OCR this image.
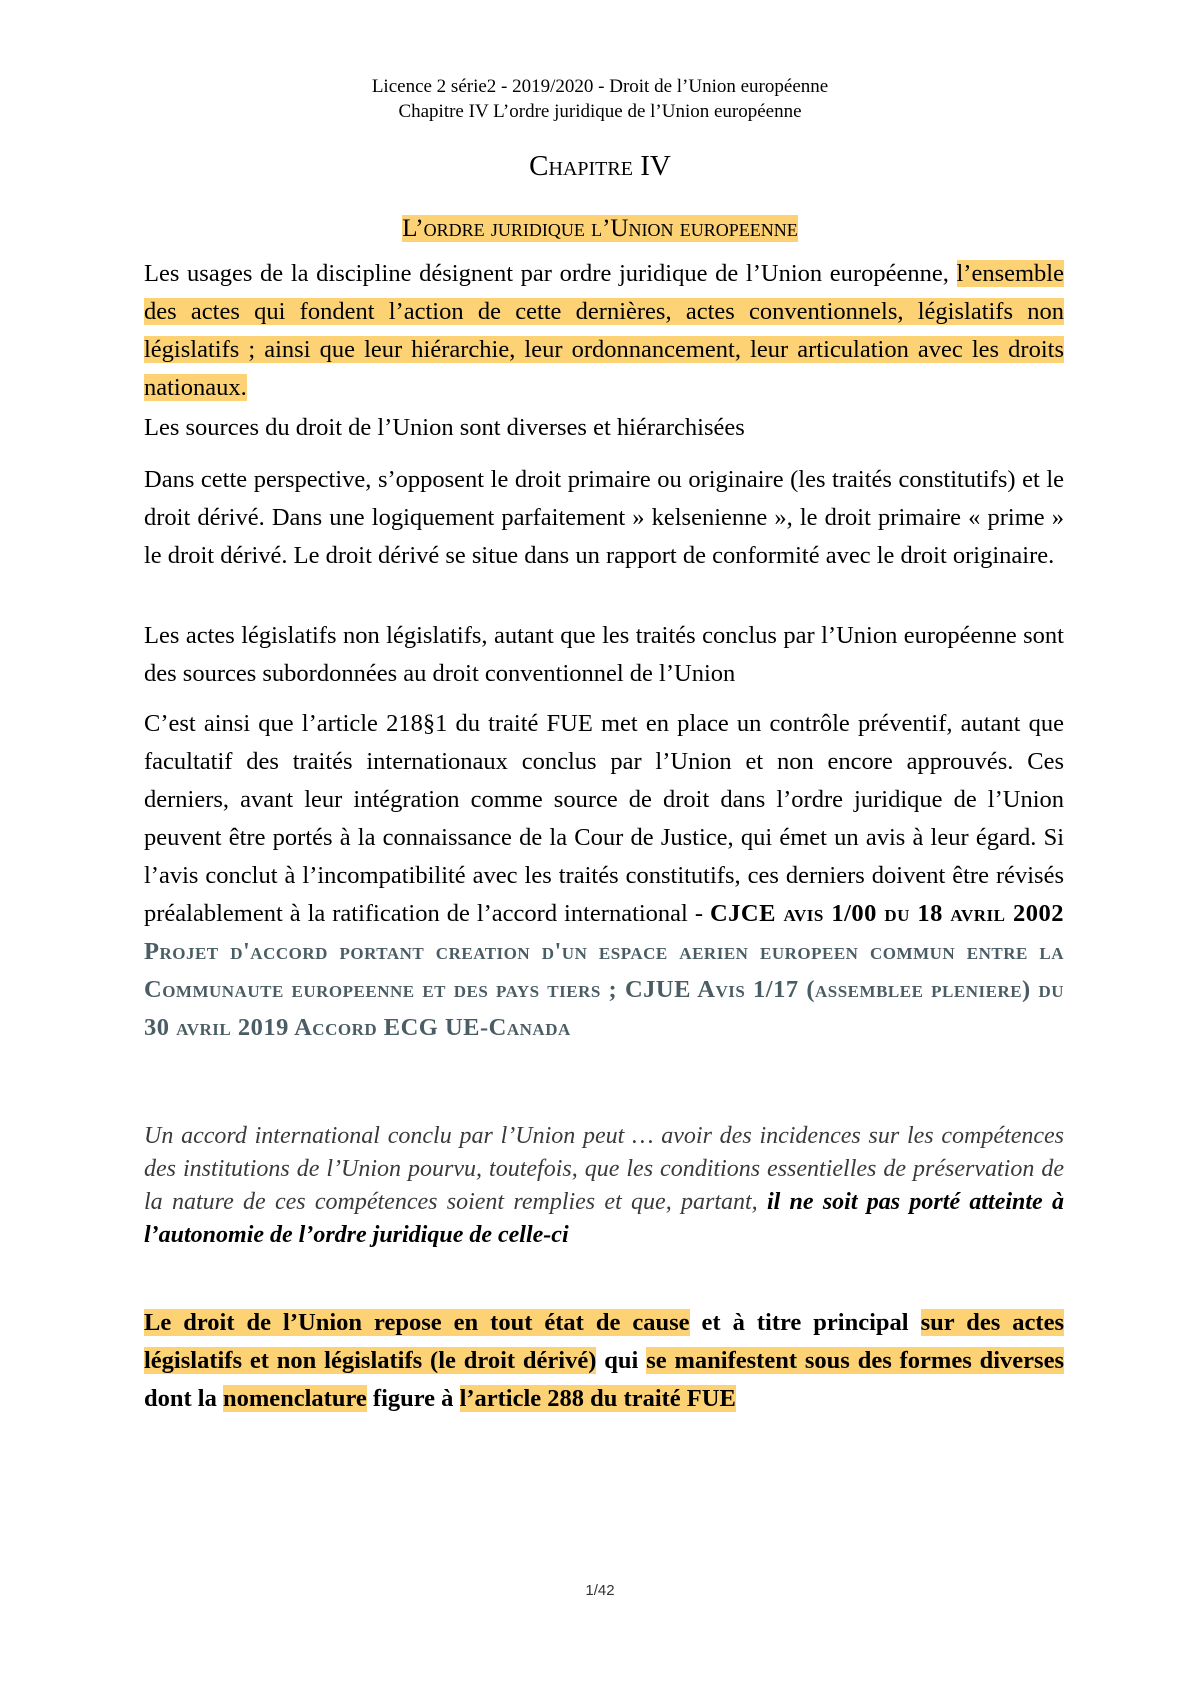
Licence 2 série2 - 2019/2020 - Droit de l’Union européenne
Chapitre IV L’ordre juridique de l’Union européenne
Chapitre IV
L’ordre juridique l’Union europeenne

Les usages de la discipline désignent par ordre juridique de l’Union européenne, l’ensemble des actes qui fondent l’action de cette dernières, actes conventionnels, législatifs non législatifs ; ainsi que leur hiérarchie, leur ordonnancement, leur articulation avec les droits nationaux.

Les sources du droit de l’Union sont diverses et hiérarchisées

Dans cette perspective, s’opposent le droit primaire ou originaire (les traités constitutifs) et le droit dérivé. Dans une logiquement parfaitement » kelsenienne », le droit primaire « prime » le droit dérivé. Le droit dérivé se situe dans un rapport de conformité avec le droit originaire.

Les actes législatifs non législatifs, autant que les traités conclus par l’Union européenne sont des sources subordonnées au droit conventionnel de l’Union

C’est ainsi que l’article 218§1 du traité FUE met en place un contrôle préventif, autant que facultatif des traités internationaux conclus par l’Union et non encore approuvés. Ces derniers, avant leur intégration comme source de droit dans l’ordre juridique de l’Union peuvent être portés à la connaissance de la Cour de Justice, qui émet un avis à leur égard. Si l’avis conclut à l’incompatibilité avec les traités constitutifs, ces derniers doivent être révisés préalablement à la ratification de l’accord international - CJCE avis 1/00 du 18 avril 2002 Projet d'accord portant creation d'un espace aerien europeen commun entre la Communaute europeenne et des pays tiers ; CJUE Avis 1/17 (assemblee pleniere) du 30 avril 2019 Accord ECG UE-Canada

Un accord international conclu par l’Union peut … avoir des incidences sur les compétences des institutions de l’Union pourvu, toutefois, que les conditions essentielles de préservation de la nature de ces compétences soient remplies et que, partant, il ne soit pas porté atteinte à l’autonomie de l’ordre juridique de celle-ci

Le droit de l’Union repose en tout état de cause et à titre principal sur des actes législatifs et non législatifs (le droit dérivé) qui se manifestent sous des formes diverses dont la nomenclature figure à l’article 288 du traité FUE

1/42
